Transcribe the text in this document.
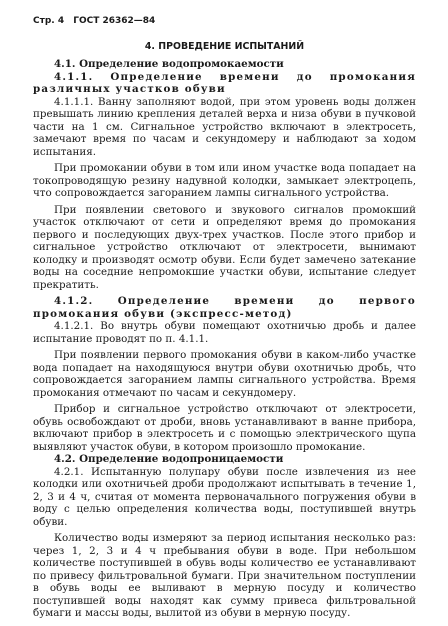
Стр. 4 ГОСТ 26362—84
4. ПРОВЕДЕНИЕ ИСПЫТАНИЙ

4.1. Определение водопромокаемости

4.1.1. Определение времени до промокания различных участков обуви

4.1.1.1. Ванну заполняют водой, при этом уровень воды должен превышать линию крепления деталей верха и низа обуви в пучковой части на 1 см. Сигнальное устройство включают в электросеть, замечают время по часам и секундомеру и наблюдают за ходом испытания.

При промокании обуви в том или ином участке вода попадает на токопроводящую резину надувной колодки, замыкает электроцепь, что сопровождается загоранием лампы сигнального устройства.

При появлении светового и звукового сигналов промокший участок отключают от сети и определяют время до промокания первого и последующих двух-трех участков. После этого прибор и сигнальное устройство отключают от электросети, вынимают колодку и производят осмотр обуви. Если будет замечено затекание воды на соседние непромокшие участки обуви, испытание следует прекратить.

4.1.2. Определение времени до первого промокания обуви (экспресс-метод)

4.1.2.1. Во внутрь обуви помещают охотничью дробь и далее испытание проводят по п. 4.1.1.

При появлении первого промокания обуви в каком-либо участке вода попадает на находящуюся внутри обуви охотничью дробь, что сопровождается загоранием лампы сигнального устройства. Время промокания отмечают по часам и секундомеру.

Прибор и сигнальное устройство отключают от электросети, обувь освобождают от дроби, вновь устанавливают в ванне прибора, включают прибор в электросеть и с помощью электрического щупа выявляют участок обуви, в котором произошло промокание.

4.2. Определение водопроницаемости

4.2.1. Испытанную полупару обуви после извлечения из нее колодки или охотничьей дроби продолжают испытывать в течение 1, 2, 3 и 4 ч, считая от момента первоначального погружения обуви в воду с целью определения количества воды, поступившей внутрь обуви.

Количество воды измеряют за период испытания несколько раз: через 1, 2, 3 и 4 ч пребывания обуви в воде. При небольшом количестве поступившей в обувь воды количество ее устанавливают по привесу фильтровальной бумаги. При значительном поступлении в обувь воды ее выливают в мерную посуду и количество поступившей воды находят как сумму привеса фильтровальной бумаги и массы воды, вылитой из обуви в мерную посуду.
